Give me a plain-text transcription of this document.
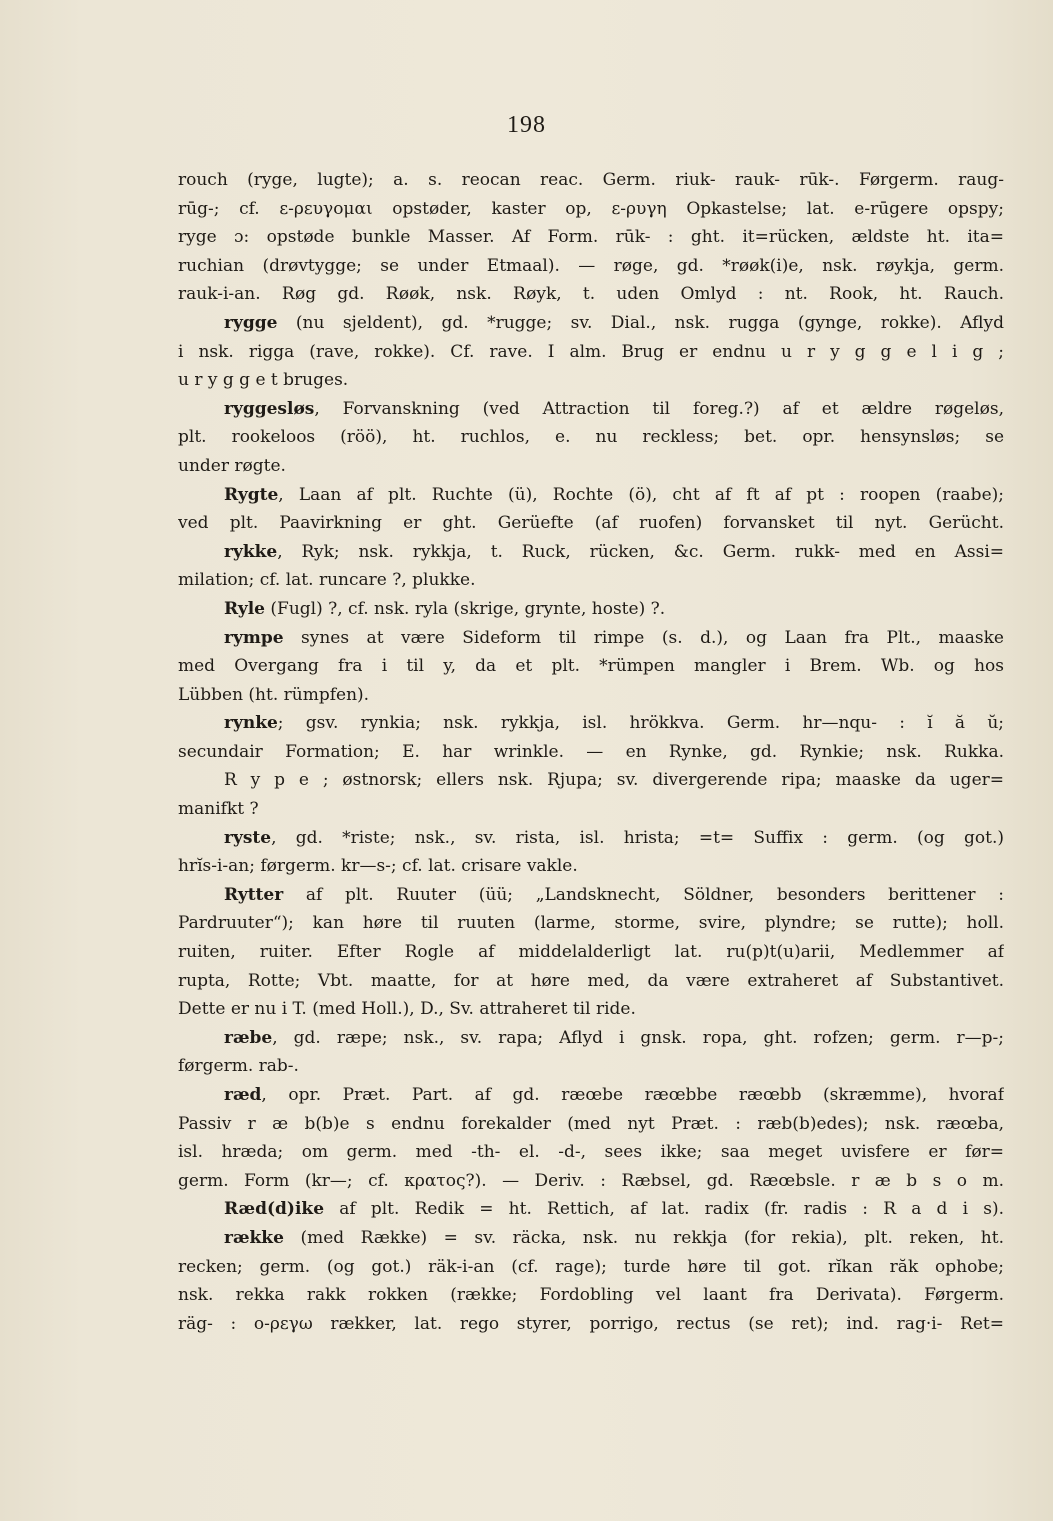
198
rouch (ryge, lugte); a. s. reocan reac. Germ. riuk- rauk- rūk-. Førgerm. raug-
rūg-; cf. ε-ρευγομαι opstøder, kaster op, ε-ρυγη Opkastelse; lat. e-rūgere opspy;
ryge ɔ: opstøde bunkle Masser. Af Form. rūk- : ght. it=rücken, ældste ht. ita=
ruchian (drøvtygge; se under Etmaal). — røge, gd. *røøk(i)e, nsk. røykja, germ.
rauk-i-an. Røg gd. Røøk, nsk. Røyk, t. uden Omlyd : nt. Rook, ht. Rauch.
rygge (nu sjeldent), gd. *rugge; sv. Dial., nsk. rugga (gynge, rokke). Aflyd
i nsk. rigga (rave, rokke). Cf. rave. I alm. Brug er endnu u r y g g e l i g ;
u r y g g e t bruges.
ryggesløs, Forvanskning (ved Attraction til foreg.?) af et ældre røgeløs,
plt. rookeloos (röö), ht. ruchlos, e. nu reckless; bet. opr. hensynsløs; se
under røgte.
Rygte, Laan af plt. Ruchte (ü), Rochte (ö), cht af ft af pt : roopen (raabe);
ved plt. Paavirkning er ght. Gerüefte (af ruofen) forvansket til nyt. Gerücht.
rykke, Ryk; nsk. rykkja, t. Ruck, rücken, &c. Germ. rukk- med en Assi=
milation; cf. lat. runcare ?, plukke.
Ryle (Fugl) ?, cf. nsk. ryla (skrige, grynte, hoste) ?.
rympe synes at være Sideform til rimpe (s. d.), og Laan fra Plt., maaske
med Overgang fra i til y, da et plt. *rümpen mangler i Brem. Wb. og hos
Lübben (ht. rümpfen).
rynke; gsv. rynkia; nsk. rykkja, isl. hrökkva. Germ. hr—nqu- : ĭ ă ŭ;
secundair Formation; E. har wrinkle. — en Rynke, gd. Rynkie; nsk. Rukka.
R y p e ; østnorsk; ellers nsk. Rjupa; sv. divergerende ripa; maaske da uger=
manifkt ?
ryste, gd. *riste; nsk., sv. rista, isl. hrista; =t= Suffix : germ. (og got.)
hrĭs-i-an; førgerm. kr—s-; cf. lat. crisare vakle.
Rytter af plt. Ruuter (üü; „Landsknecht, Söldner, besonders berittener :
Pardruuter“); kan høre til ruuten (larme, storme, svire, plyndre; se rutte); holl.
ruiten, ruiter. Efter Rogle af middelalderligt lat. ru(p)t(u)arii, Medlemmer af
rupta, Rotte; Vbt. maatte, for at høre med, da være extraheret af Substantivet.
Dette er nu i T. (med Holl.), D., Sv. attraheret til ride.
ræbe, gd. ræpe; nsk., sv. rapa; Aflyd i gnsk. ropa, ght. rofzen; germ. r—p-;
førgerm. rab-.
ræd, opr. Præt. Part. af gd. ræœbe ræœbbe ræœbb (skræmme), hvoraf
Passiv r æ b(b)e s endnu forekalder (med nyt Præt. : ræb(b)edes); nsk. ræœba,
isl. hræda; om germ. med -th- el. -d-, sees ikke; saa meget uvisfere er før=
germ. Form (kr—; cf. κρατος?). — Deriv. : Ræbsel, gd. Ræœbsle. r æ b s o m.
Ræd(d)ike af plt. Redik = ht. Rettich, af lat. radix (fr. radis : R a d i s).
række (med Række) = sv. räcka, nsk. nu rekkja (for rekia), plt. reken, ht.
recken; germ. (og got.) räk-i-an (cf. rage); turde høre til got. rĭkan răk ophobe;
nsk. rekka rakk rokken (række; Fordobling vel laant fra Derivata). Førgerm.
räg- : o-ρεγω rækker, lat. rego styrer, porrigo, rectus (se ret); ind. rag·i- Ret=
